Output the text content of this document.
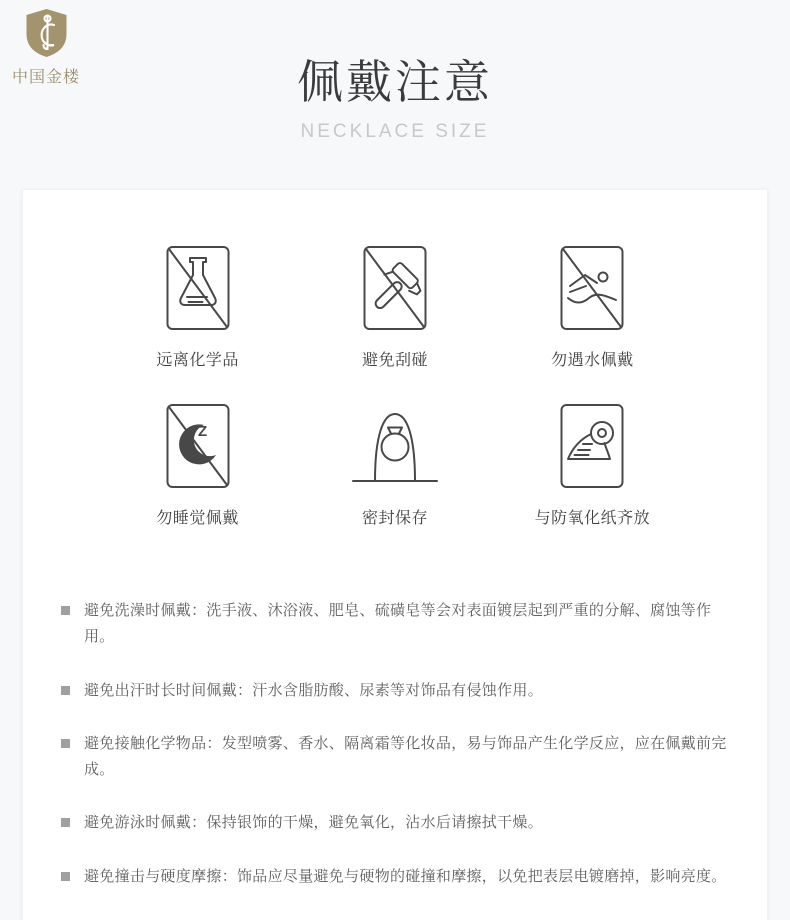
中国金楼	佩戴注意
NECKLACE SIZE
远离化学品	避免刮碰	勿遇水佩戴
Z
z
勿睡觉佩戴	密封保存	与防氧化纸齐放
避免洗澡时佩戴：洗手液、沐浴液、肥皂、硫磺皂等会对表面镀层起到严重的分解、腐蚀等作用。
避免出汗时长时间佩戴：汗水含脂肪酸、尿素等对饰品有侵蚀作用。
避免接触化学物品：发型喷雾、香水、隔离霜等化妆品，易与饰品产生化学反应，应在佩戴前完成。
避免游泳时佩戴：保持银饰的干燥，避免氧化，沾水后请擦拭干燥。
避免撞击与硬度摩擦：饰品应尽量避免与硬物的碰撞和摩擦，以免把表层电镀磨掉，影响亮度。
